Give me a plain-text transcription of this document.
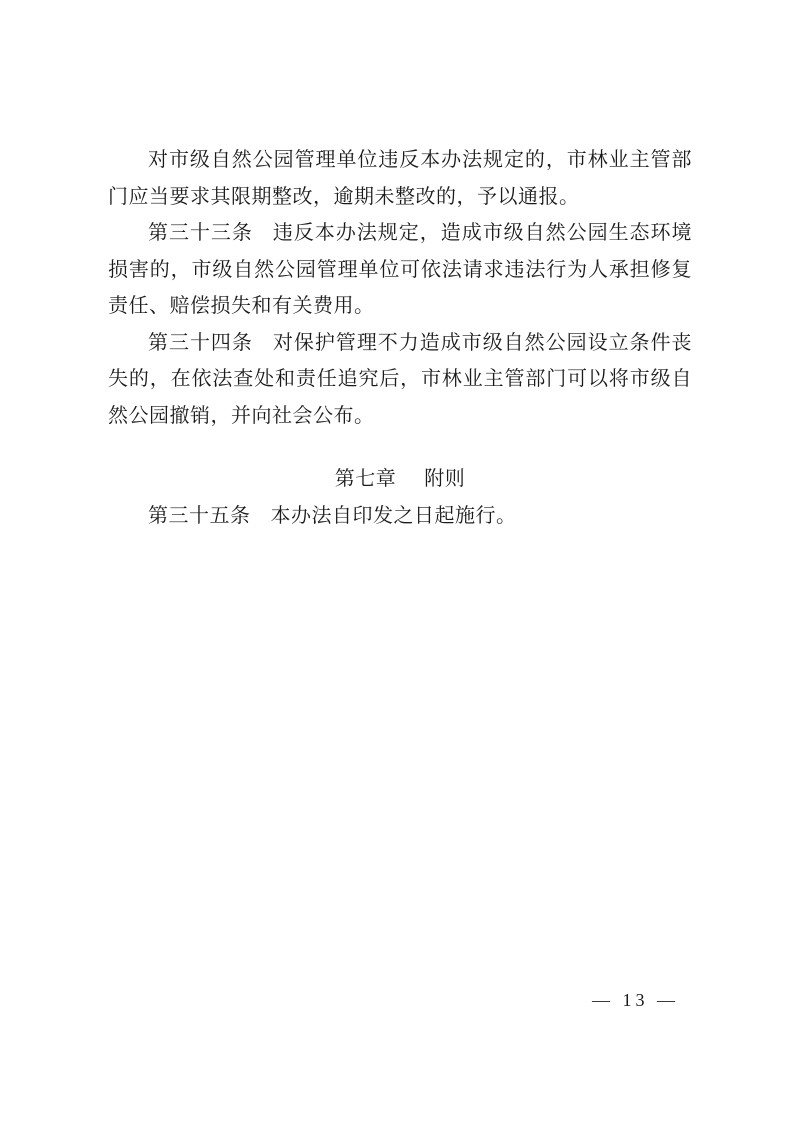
对市级自然公园管理单位违反本办法规定的，市林业主管部门应当要求其限期整改，逾期未整改的，予以通报。

第三十三条 违反本办法规定，造成市级自然公园生态环境损害的，市级自然公园管理单位可依法请求违法行为人承担修复责任、赔偿损失和有关费用。

第三十四条 对保护管理不力造成市级自然公园设立条件丧失的，在依法查处和责任追究后，市林业主管部门可以将市级自然公园撤销，并向社会公布。

第七章 附则

第三十五条 本办法自印发之日起施行。

— 13 —
